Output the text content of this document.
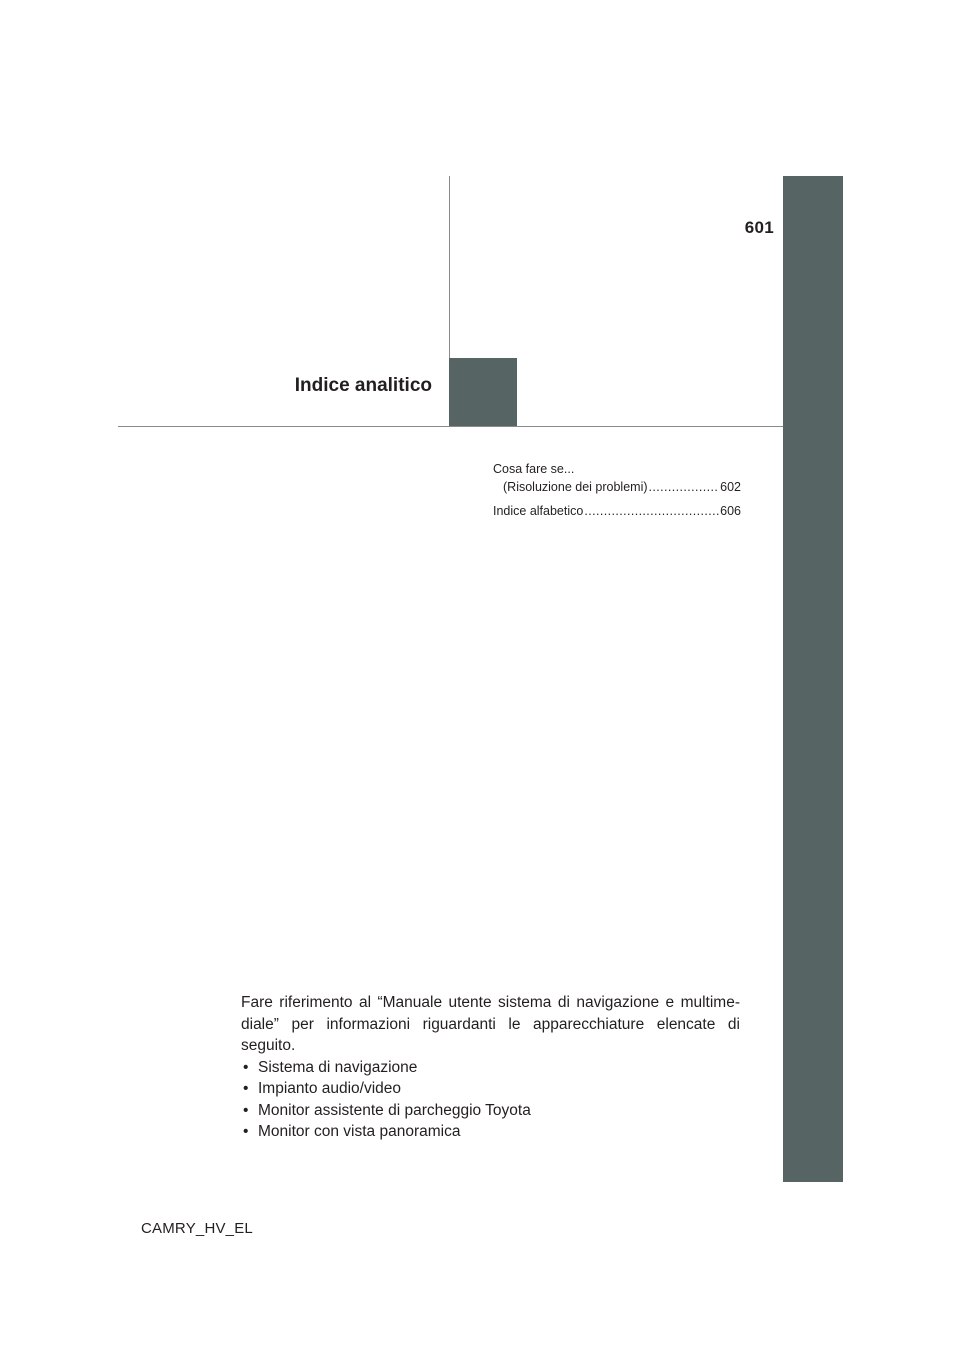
601
Indice analitico
Cosa fare se...
(Risoluzione dei problemi) .....	602
Indice alfabetico .....	606

Fare riferimento al “Manuale utente sistema di navigazione e multime-diale” per informazioni riguardanti le apparecchiature elencate di seguito.

• Sistema di navigazione
• Impianto audio/video
• Monitor assistente di parcheggio Toyota
• Monitor con vista panoramica
CAMRY_HV_EL
